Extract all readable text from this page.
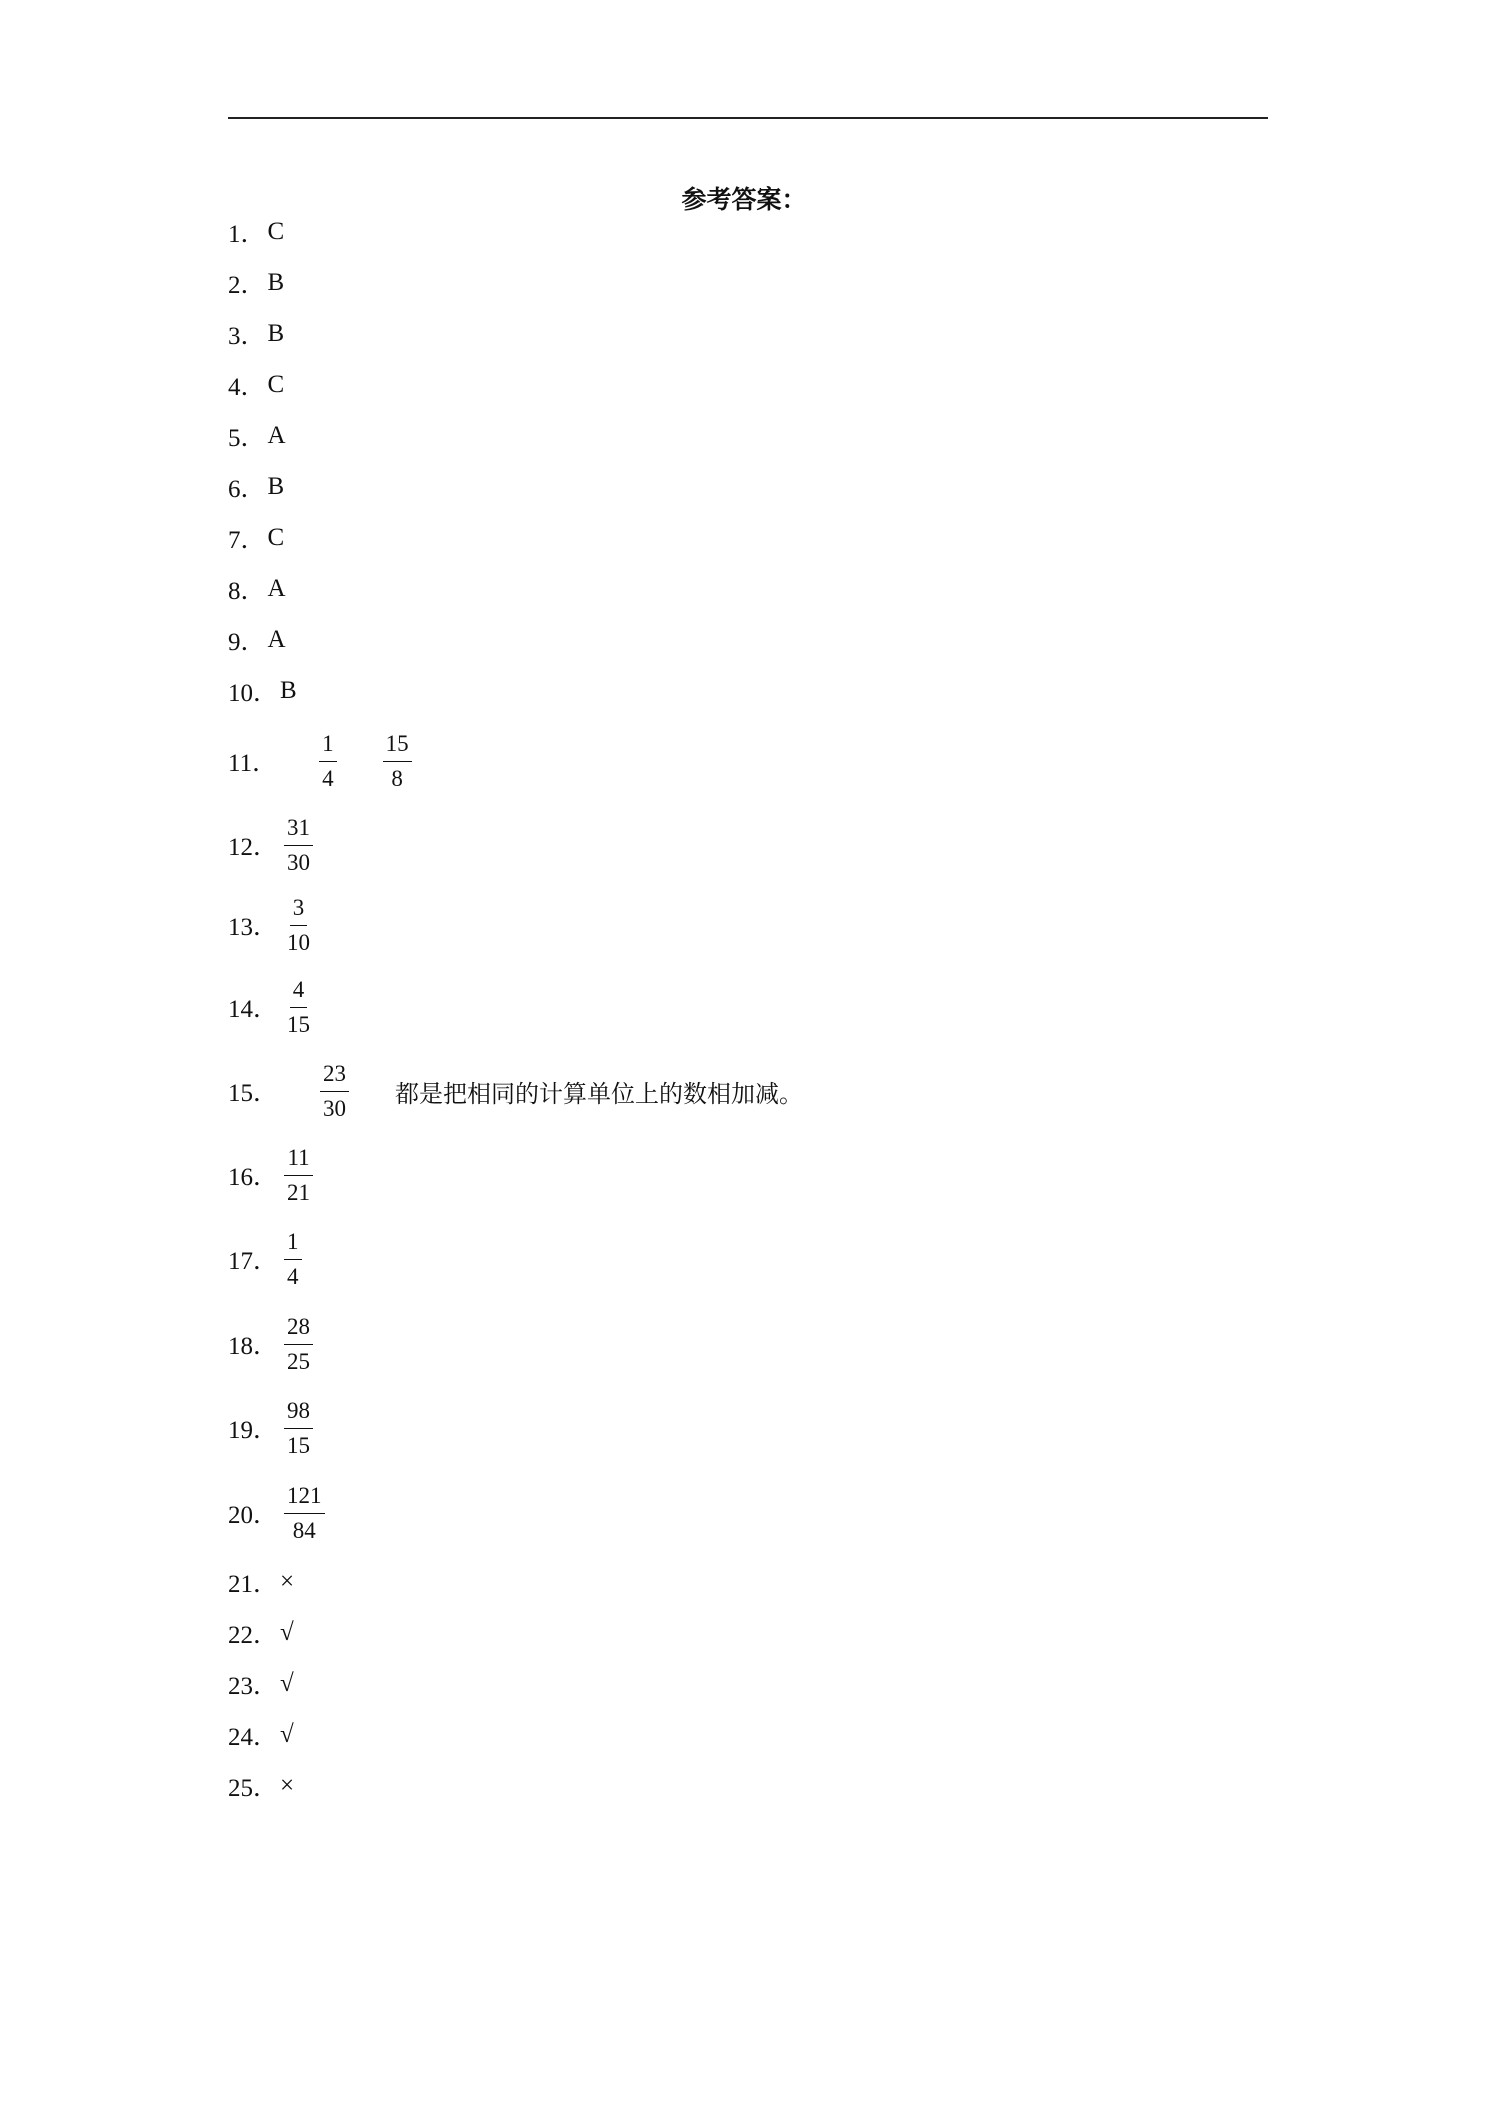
参考答案：
1． C
2． B
3． B
4． C
5． A
6． B
7． C
8． A
9． A
10． B
11． $\frac{1}{4} \frac{15}{8}$
12． $\frac{31}{30}$
13． $\frac{3}{10}$
14． $\frac{4}{15}$
15． $\frac{23}{30}$ 都是把相同的计算单位上的数相加减。
16． $\frac{11}{21}$
17． $\frac{1}{4}$
18． $\frac{28}{25}$
19． $\frac{98}{15}$
20． $\frac{121}{84}$
21． ×
22． √
23． √
24． √
25． ×
